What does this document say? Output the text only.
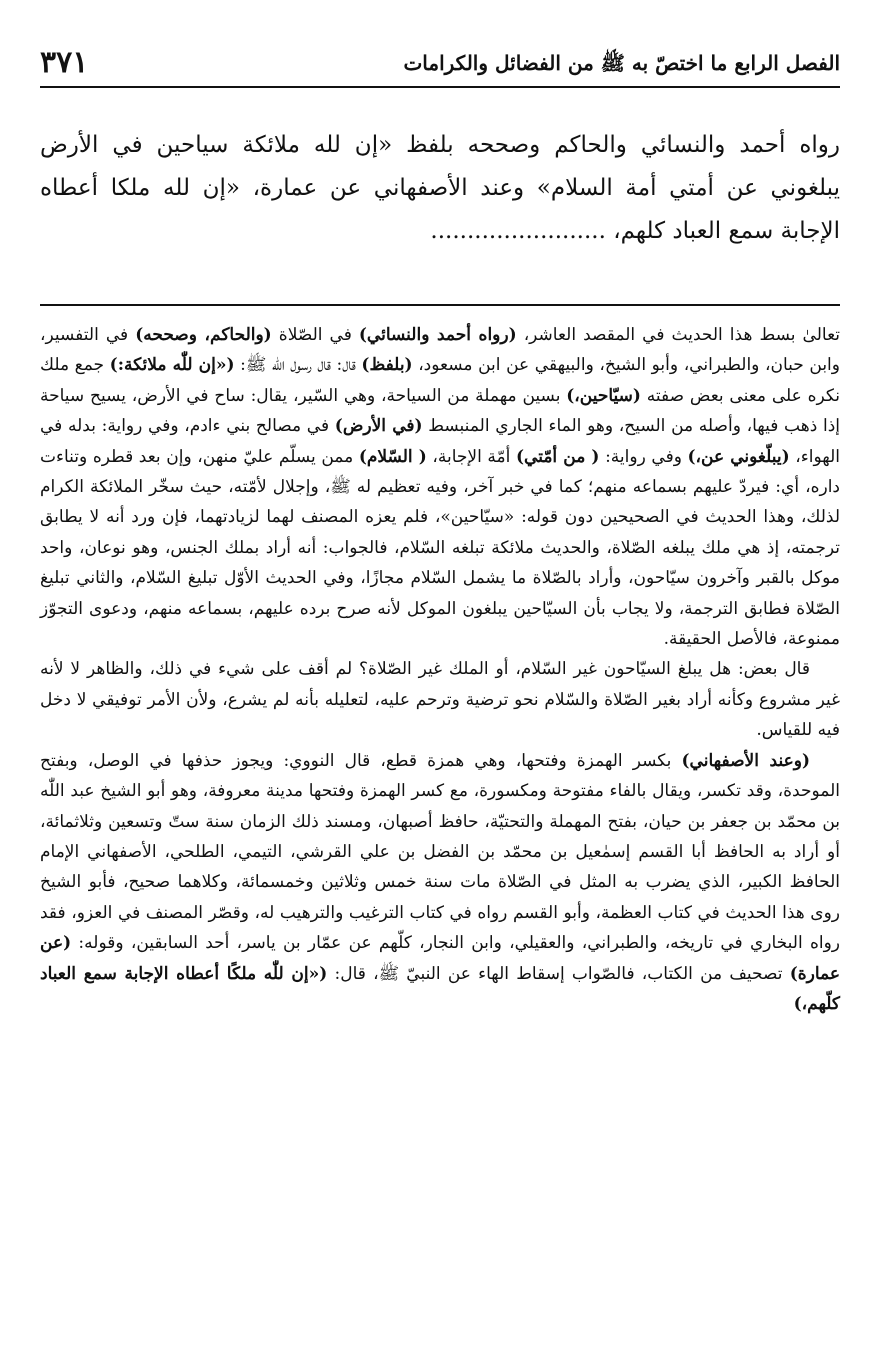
٣٧١	الفصل الرابع ما اختصّ به ﷺ من الفضائل والكرامات
رواه أحمد والنسائي والحاكم وصححه بلفظ «إن لله ملائكة سياحين في الأرض يبلغوني عن أمتي أمة السلام» وعند الأصفهاني عن عمارة، «إن لله ملكا أعطاه الإجابة سمع العباد كلهم، ........................

تعالىٰ بسط هذا الحديث في المقصد العاشر، (رواه أحمد والنسائي) في الصّلاة (والحاكم، وصححه) في التفسير، وابن حبان، والطبراني، وأبو الشيخ، والبيهقي عن ابن مسعود، (بلفظ) قال: قال رسول اللّٰه ﷺ: («إن للّٰه ملائكة:) جمع ملك نكره على معنى بعض صفته (سيّاحين،) بسين مهملة من السياحة، وهي السّير، يقال: ساح في الأرض، يسيح سياحة إذا ذهب فيها، وأصله من السيح، وهو الماء الجاري المنبسط (في الأرض) في مصالح بني ءادم، وفي رواية: بدله في الهواء، (يبلّغوني عن،) وفي رواية: ( من أمّتي) أمّة الإجابة، ( السّلام) ممن يسلّم عليّ منهن، وإن بعد قطره وتناءت داره، أي: فيردّ عليهم بسماعه منهم؛ كما في خبر آخر، وفيه تعظيم له ﷺ، وإجلال لأمّته، حيث سخّر الملائكة الكرام لذلك، وهذا الحديث في الصحيحين دون قوله: «سيّاحين»، فلم يعزه المصنف لهما لزيادتهما، فإن ورد أنه لا يطابق ترجمته، إذ هي ملك يبلغه الصّلاة، والحديث ملائكة تبلغه السّلام، فالجواب: أنه أراد بملك الجنس، وهو نوعان، واحد موكل بالقبر وآخرون سيّاحون، وأراد بالصّلاة ما يشمل السّلام مجازًا، وفي الحديث الأوّل تبليغ السّلام، والثاني تبليغ الصّلاة فطابق الترجمة، ولا يجاب بأن السيّاحين يبلغون الموكل لأنه صرح برده عليهم، بسماعه منهم، ودعوى التجوّز ممنوعة، فالأصل الحقيقة.

قال بعض: هل يبلغ السيّاحون غير السّلام، أو الملك غير الصّلاة؟ لم أقف على شيء في ذلك، والظاهر لا لأنه غير مشروع وكأنه أراد بغير الصّلاة والسّلام نحو ترضية وترحم عليه، لتعليله بأنه لم يشرع، ولأن الأمر توفيقي لا دخل فيه للقياس.

(وعند الأصفهاني) بكسر الهمزة وفتحها، وهي همزة قطع، قال النووي: ويجوز حذفها في الوصل، وبفتح الموحدة، وقد تكسر، ويقال بالفاء مفتوحة ومكسورة، مع كسر الهمزة وفتحها مدينة معروفة، وهو أبو الشيخ عبد اللّٰه بن محمّد بن جعفر بن حيان، بفتح المهملة والتحتيّة، حافظ أصبهان، ومسند ذلك الزمان سنة ستّ وتسعين وثلاثمائة، أو أراد به الحافظ أبا القسم إسمٰعيل بن محمّد بن الفضل بن علي القرشي، التيمي، الطلحي، الأصفهاني الإمام الحافظ الكبير، الذي يضرب به المثل في الصّلاة مات سنة خمس وثلاثين وخمسمائة، وكلاهما صحيح، فأبو الشيخ روى هذا الحديث في كتاب العظمة، وأبو القسم رواه في كتاب الترغيب والترهيب له، وقصّر المصنف في العزو، فقد رواه البخاري في تاريخه، والطبراني، والعقيلي، وابن النجار، كلّهم عن عمّار بن ياسر، أحد السابقين، وقوله: (عن عمارة) تصحيف من الكتاب، فالصّواب إسقاط الهاء عن النبيّ ﷺ، قال: («إن للّٰه ملكًا أعطاه الإجابة سمع العباد كلّهم،)
